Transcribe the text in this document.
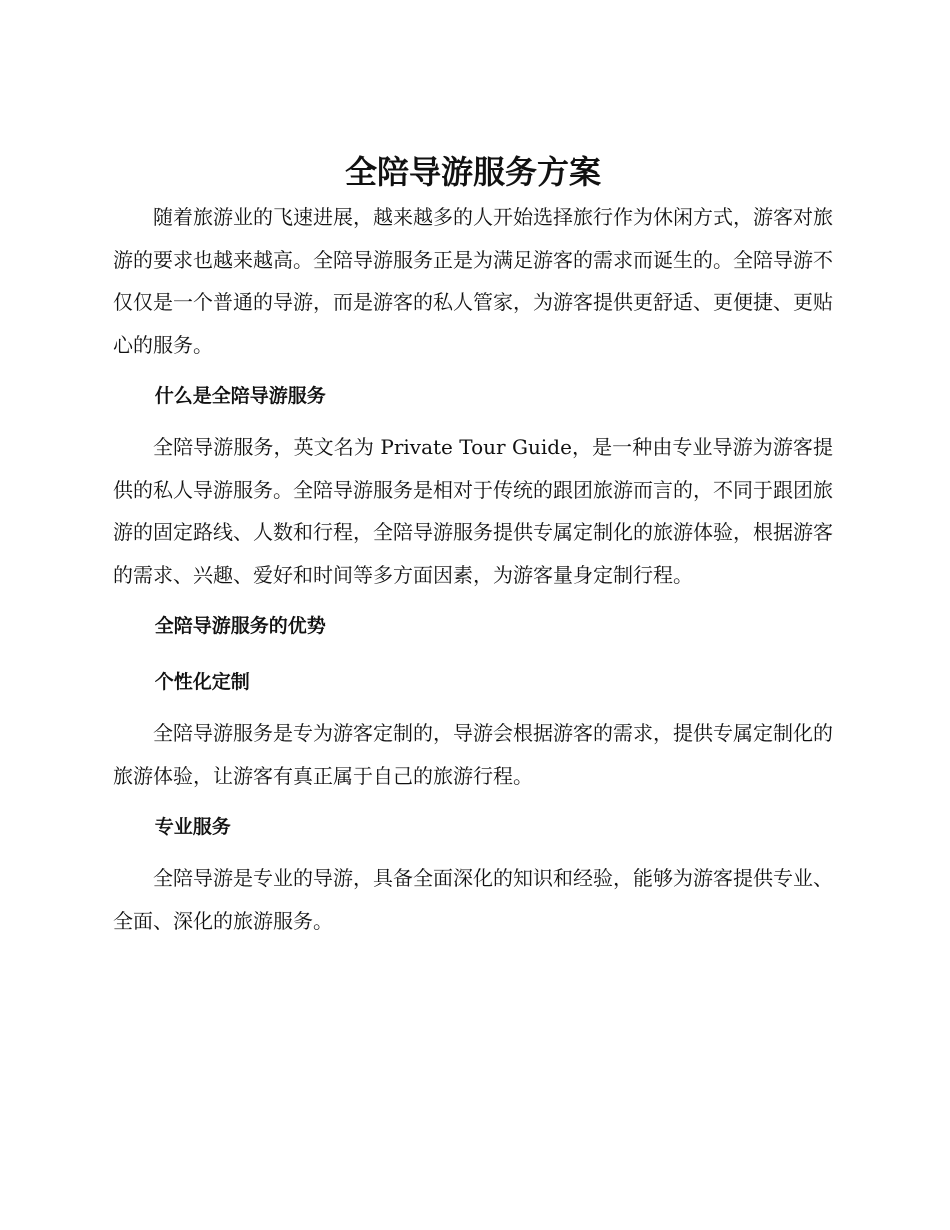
全陪导游服务方案

随着旅游业的飞速进展，越来越多的人开始选择旅行作为休闲方式，游客对旅游的要求也越来越高。全陪导游服务正是为满足游客的需求而诞生的。全陪导游不仅仅是一个普通的导游，而是游客的私人管家，为游客提供更舒适、更便捷、更贴心的服务。

什么是全陪导游服务

全陪导游服务，英文名为 Private Tour Guide，是一种由专业导游为游客提供的私人导游服务。全陪导游服务是相对于传统的跟团旅游而言的，不同于跟团旅游的固定路线、人数和行程，全陪导游服务提供专属定制化的旅游体验，根据游客的需求、兴趣、爱好和时间等多方面因素，为游客量身定制行程。

全陪导游服务的优势
个性化定制

全陪导游服务是专为游客定制的，导游会根据游客的需求，提供专属定制化的旅游体验，让游客有真正属于自己的旅游行程。

专业服务

全陪导游是专业的导游，具备全面深化的知识和经验，能够为游客提供专业、全面、深化的旅游服务。
